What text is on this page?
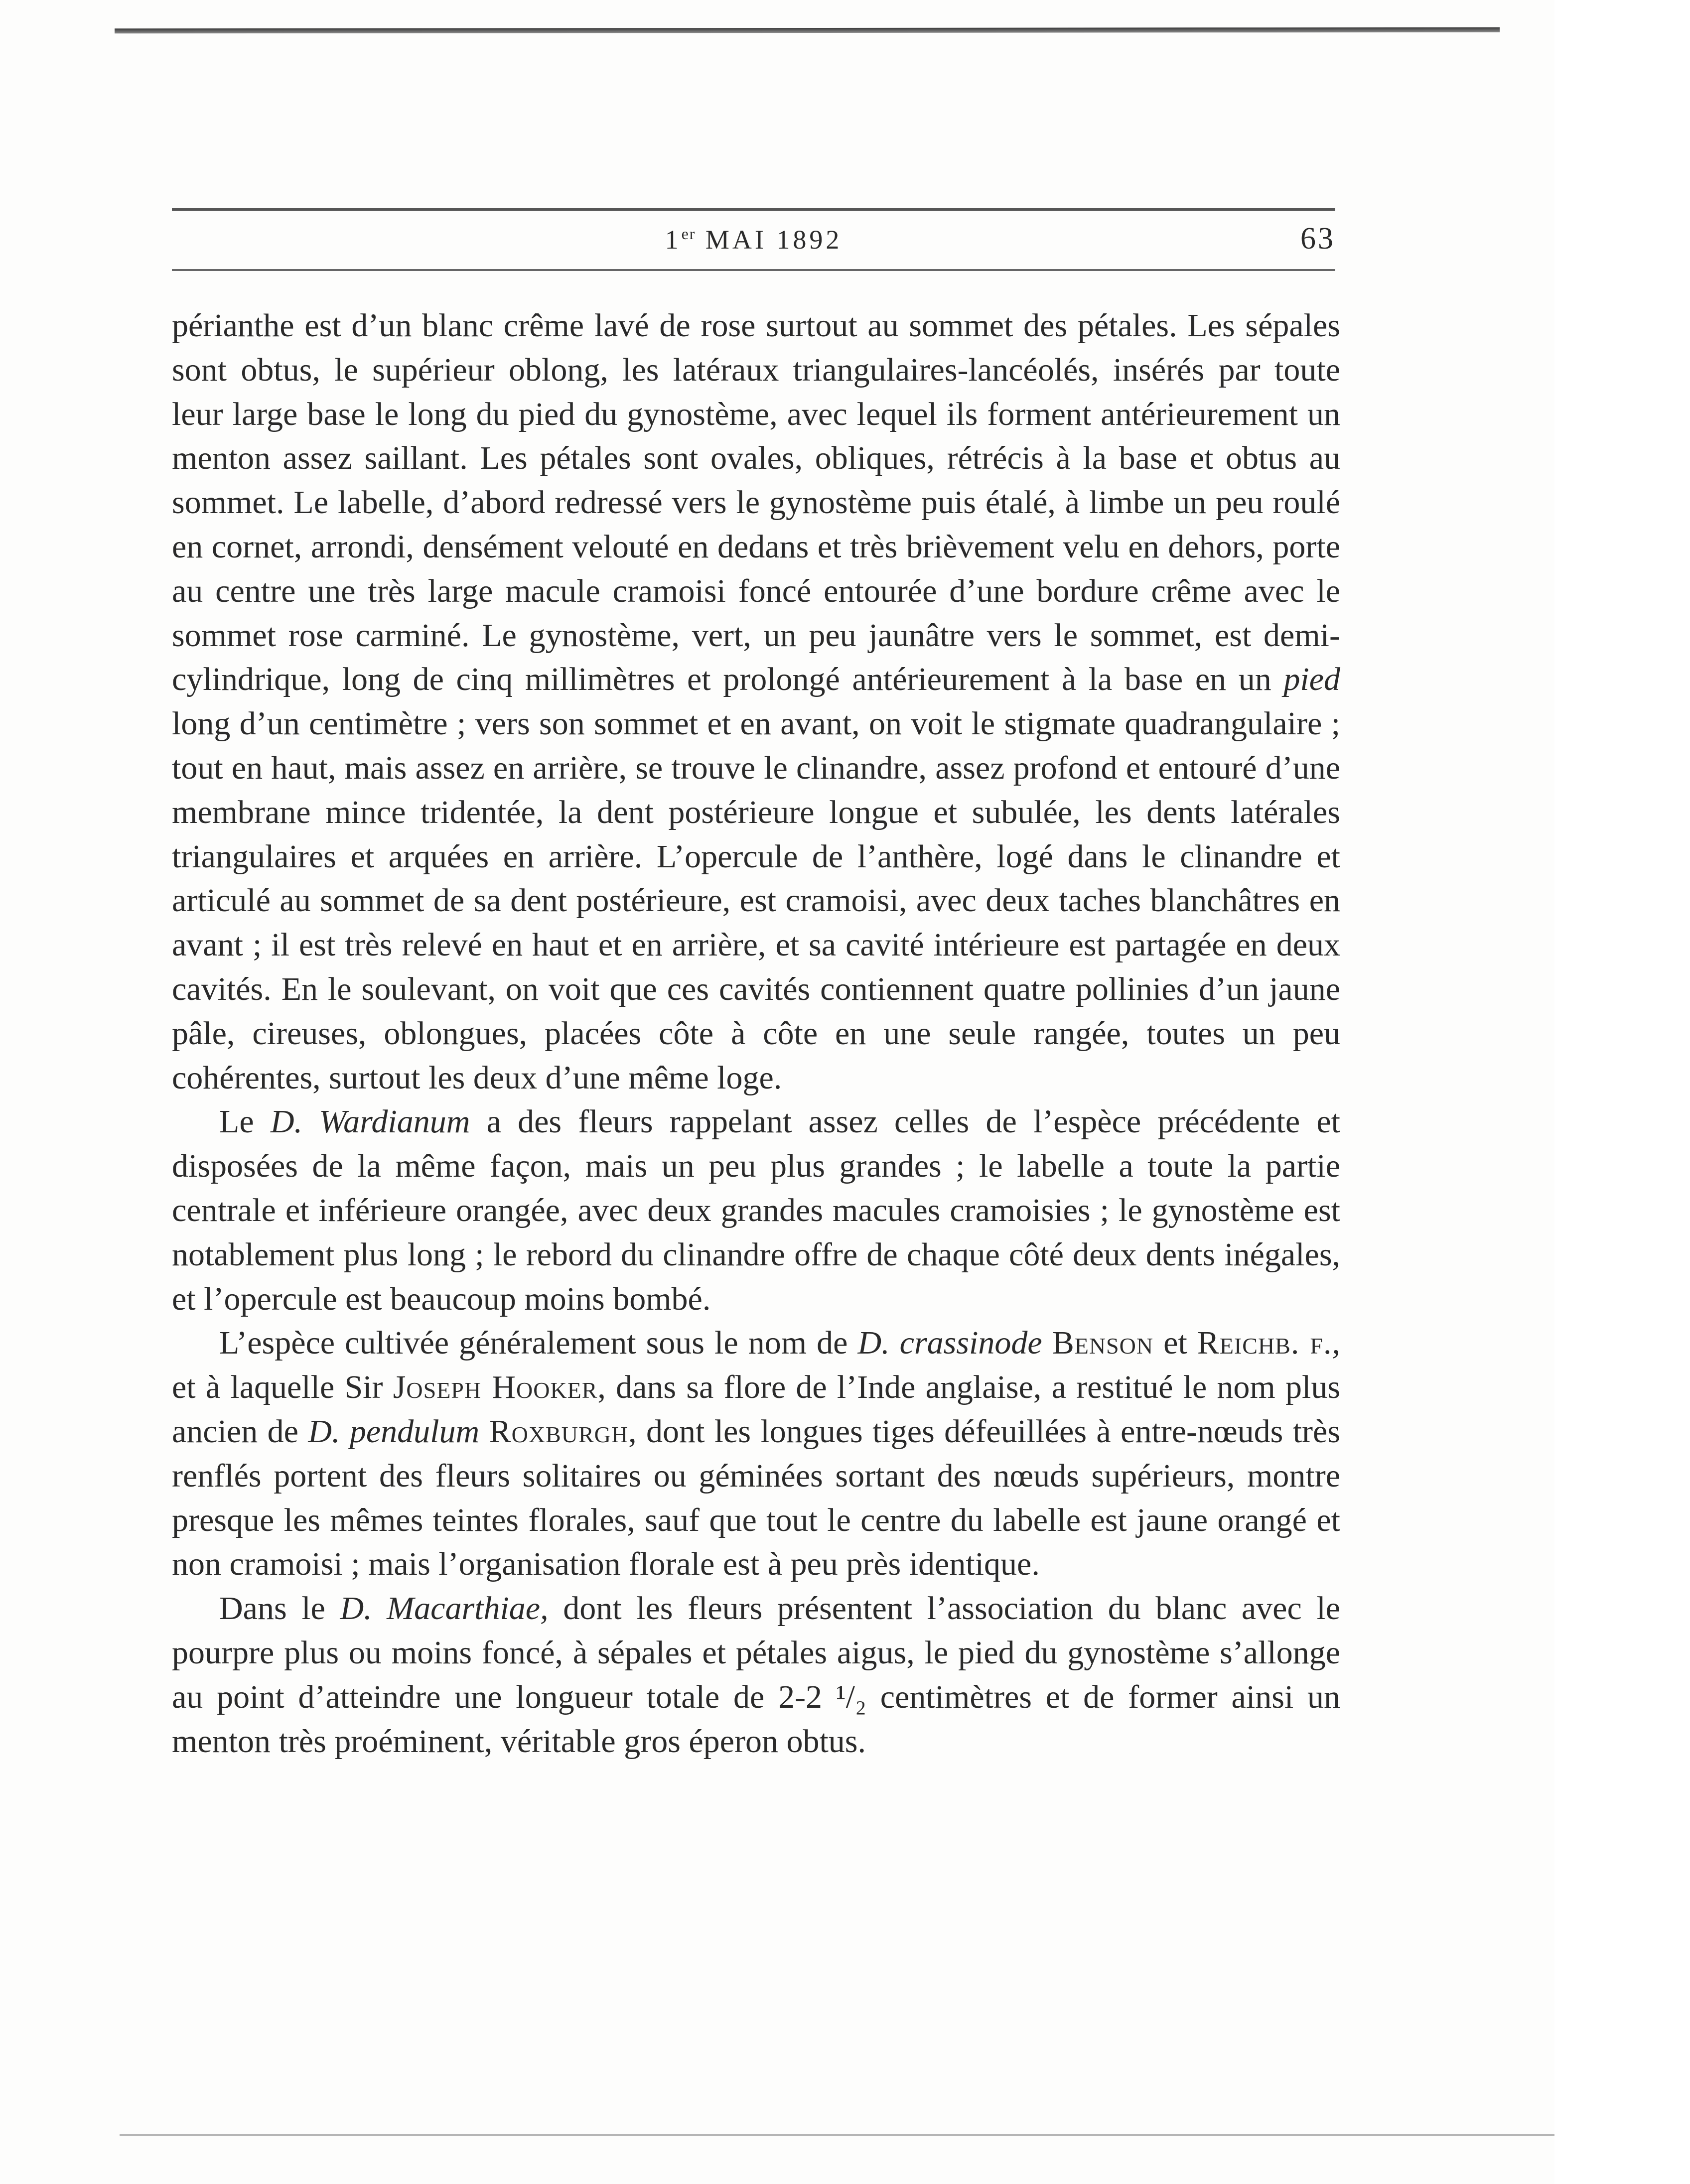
1er MAI 1892	63

périanthe est d’un blanc crême lavé de rose surtout au sommet des pétales. Les sépales sont obtus, le supérieur oblong, les latéraux triangulaires-lancéolés, insérés par toute leur large base le long du pied du gynostème, avec lequel ils forment antérieurement un menton assez saillant. Les pétales sont ovales, obliques, rétrécis à la base et obtus au sommet. Le labelle, d’abord redressé vers le gynostème puis étalé, à limbe un peu roulé en cornet, arrondi, densément velouté en dedans et très brièvement velu en dehors, porte au centre une très large macule cramoisi foncé entourée d’une bordure crême avec le sommet rose carminé. Le gynostème, vert, un peu jaunâtre vers le sommet, est demi-cylindrique, long de cinq millimètres et prolongé antérieurement à la base en un pied long d’un centimètre ; vers son sommet et en avant, on voit le stigmate quadrangulaire ; tout en haut, mais assez en arrière, se trouve le clinandre, assez profond et entouré d’une membrane mince tridentée, la dent postérieure longue et subulée, les dents latérales triangulaires et arquées en arrière. L’opercule de l’anthère, logé dans le clinandre et articulé au sommet de sa dent postérieure, est cramoisi, avec deux taches blanchâtres en avant ; il est très relevé en haut et en arrière, et sa cavité intérieure est partagée en deux cavités. En le soulevant, on voit que ces cavités contiennent quatre pollinies d’un jaune pâle, cireuses, oblongues, placées côte à côte en une seule rangée, toutes un peu cohérentes, surtout les deux d’une même loge.

Le D. Wardianum a des fleurs rappelant assez celles de l’espèce précédente et disposées de la même façon, mais un peu plus grandes ; le labelle a toute la partie centrale et inférieure orangée, avec deux grandes macules cramoisies ; le gynostème est notablement plus long ; le rebord du clinandre offre de chaque côté deux dents inégales, et l’opercule est beaucoup moins bombé.

L’espèce cultivée généralement sous le nom de D. crassinode Benson et Reichb. f., et à laquelle Sir Joseph Hooker, dans sa flore de l’Inde anglaise, a restitué le nom plus ancien de D. pendulum Roxburgh, dont les longues tiges défeuillées à entre-nœuds très renflés portent des fleurs solitaires ou géminées sortant des nœuds supérieurs, montre presque les mêmes teintes florales, sauf que tout le centre du labelle est jaune orangé et non cramoisi ; mais l’organisation florale est à peu près identique.

Dans le D. Macarthiae, dont les fleurs présentent l’association du blanc avec le pourpre plus ou moins foncé, à sépales et pétales aigus, le pied du gynostème s’allonge au point d’atteindre une longueur totale de 2-2 ¹/₂ centimètres et de former ainsi un menton très proéminent, véritable gros éperon obtus.
